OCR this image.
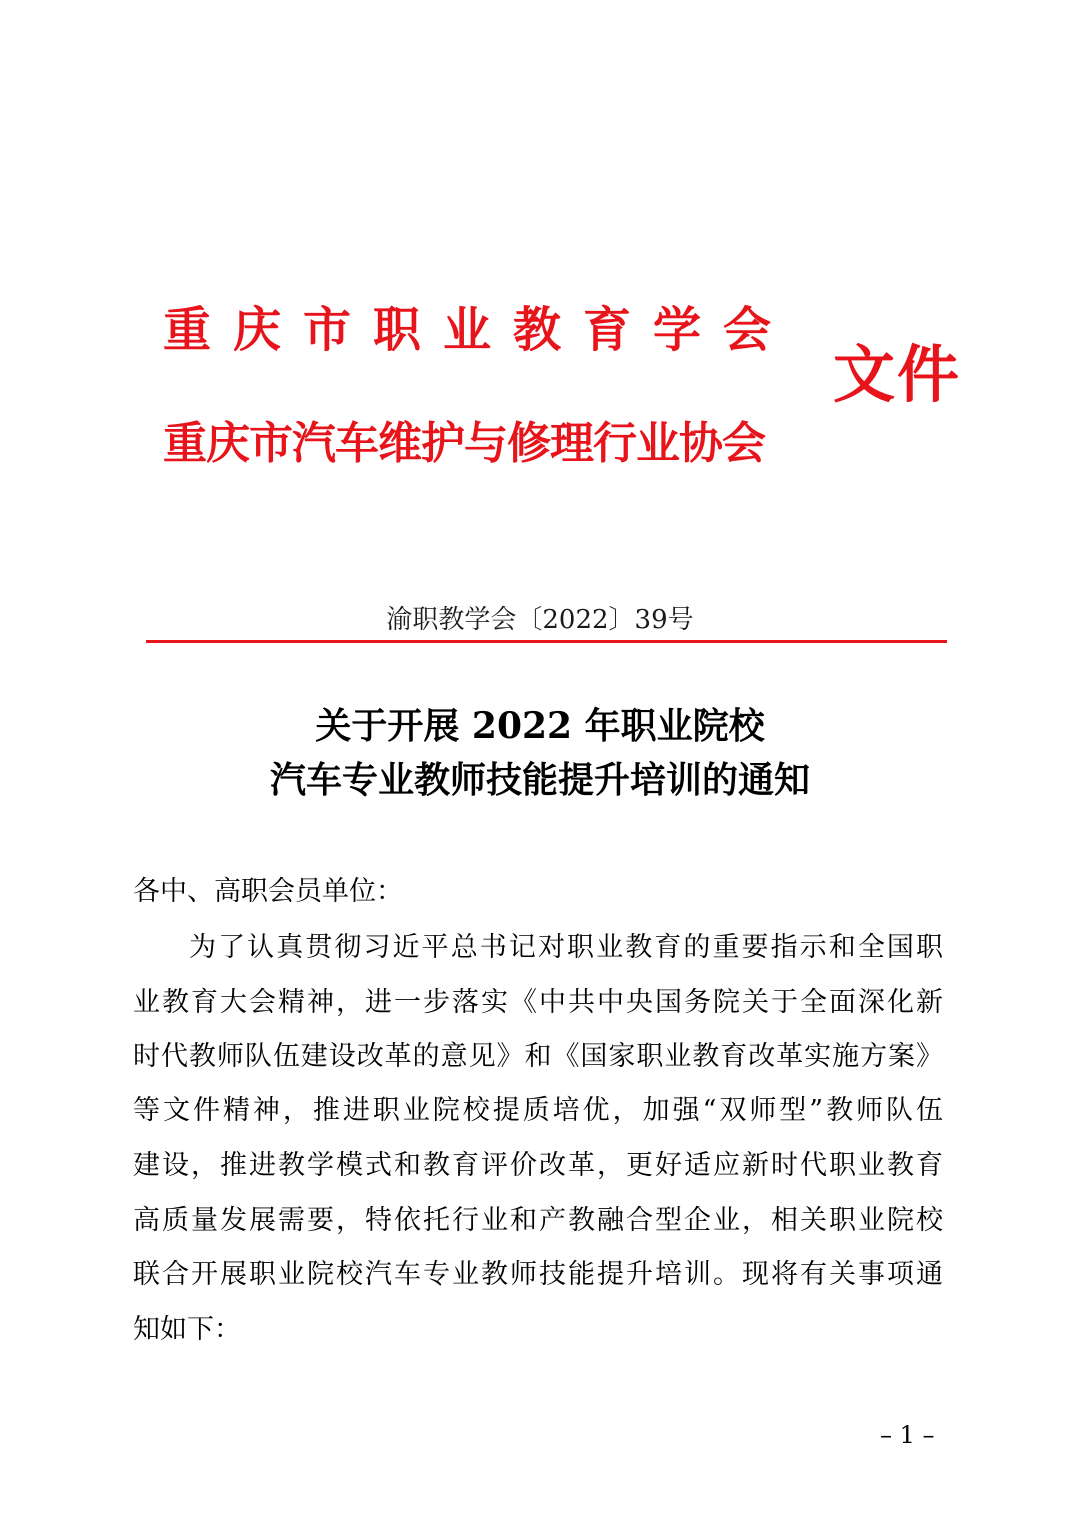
重庆市职业教育学会
重庆市汽车维护与修理行业协会
文件
渝职教学会〔2022〕39号
关于开展 2022 年职业院校
汽车专业教师技能提升培训的通知
各中、高职会员单位：
为了认真贯彻习近平总书记对职业教育的重要指示和全国职
业教育大会精神，进一步落实《中共中央国务院关于全面深化新
时代教师队伍建设改革的意见》和《国家职业教育改革实施方案》
等文件精神，推进职业院校提质培优，加强“双师型”教师队伍
建设，推进教学模式和教育评价改革，更好适应新时代职业教育
高质量发展需要，特依托行业和产教融合型企业，相关职业院校
联合开展职业院校汽车专业教师技能提升培训。现将有关事项通
知如下：
– 1 –
